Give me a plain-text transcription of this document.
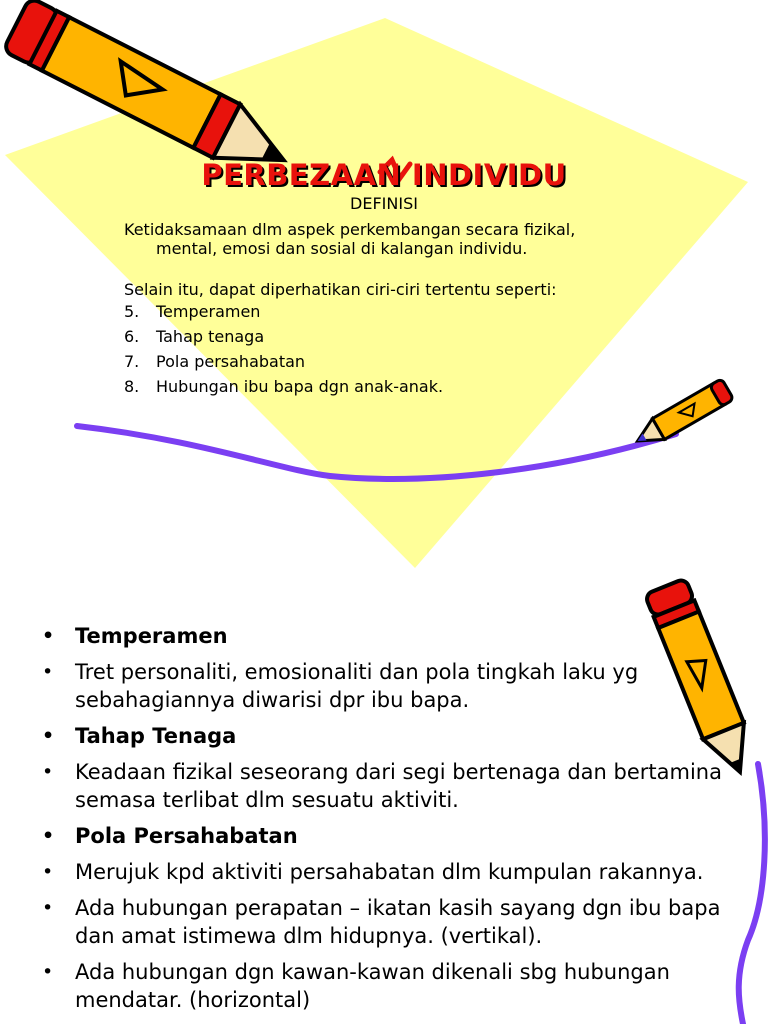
PERBEZAAN INDIVIDU
DEFINISI

Ketidaksamaan dlm aspek perkembangan secara fizikal, mental, emosi dan sosial di kalangan individu.

Selain itu, dapat diperhatikan ciri-ciri tertentu seperti:

5. Temperamen
6. Tahap tenaga
7. Pola persahabatan
8. Hubungan ibu bapa dgn anak-anak.
• Temperamen
• Tret personaliti, emosionaliti dan pola tingkah laku yg sebahagiannya diwarisi dpr ibu bapa.
• Tahap Tenaga
• Keadaan fizikal seseorang dari segi bertenaga dan bertamina semasa terlibat dlm sesuatu aktiviti.
• Pola Persahabatan
• Merujuk kpd aktiviti persahabatan dlm kumpulan rakannya.
• Ada hubungan perapatan – ikatan kasih sayang dgn ibu bapa dan amat istimewa dlm hidupnya. (vertikal).
• Ada hubungan dgn kawan-kawan dikenali sbg hubungan mendatar. (horizontal)
